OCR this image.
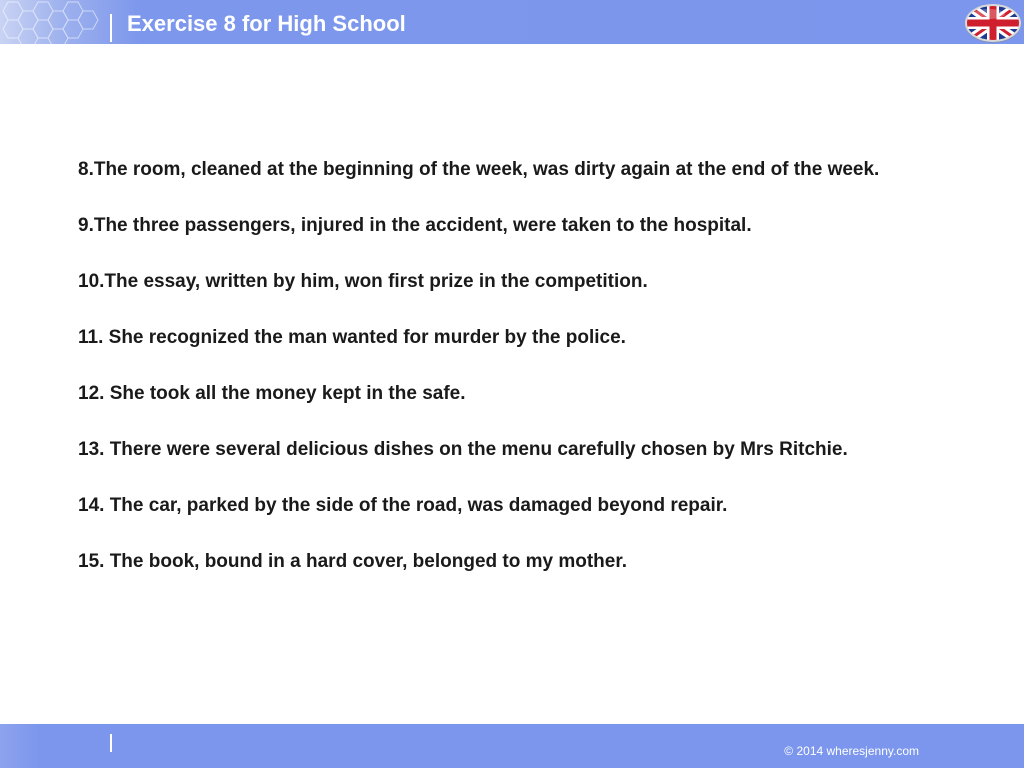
Exercise 8 for High School

8.The room, cleaned at the beginning of the week, was dirty again at the end of the week.

9.The three passengers, injured in the accident, were taken to the hospital.

10.The essay, written by him, won first prize in the competition.

11. She recognized the man wanted for murder by the police.

12. She took all the money kept in the safe.

13. There were several delicious dishes on the menu carefully chosen by Mrs Ritchie.

14. The car, parked by the side of the road, was damaged beyond repair.

15. The book, bound in a hard cover, belonged to my mother.

© 2014 wheresjenny.com
